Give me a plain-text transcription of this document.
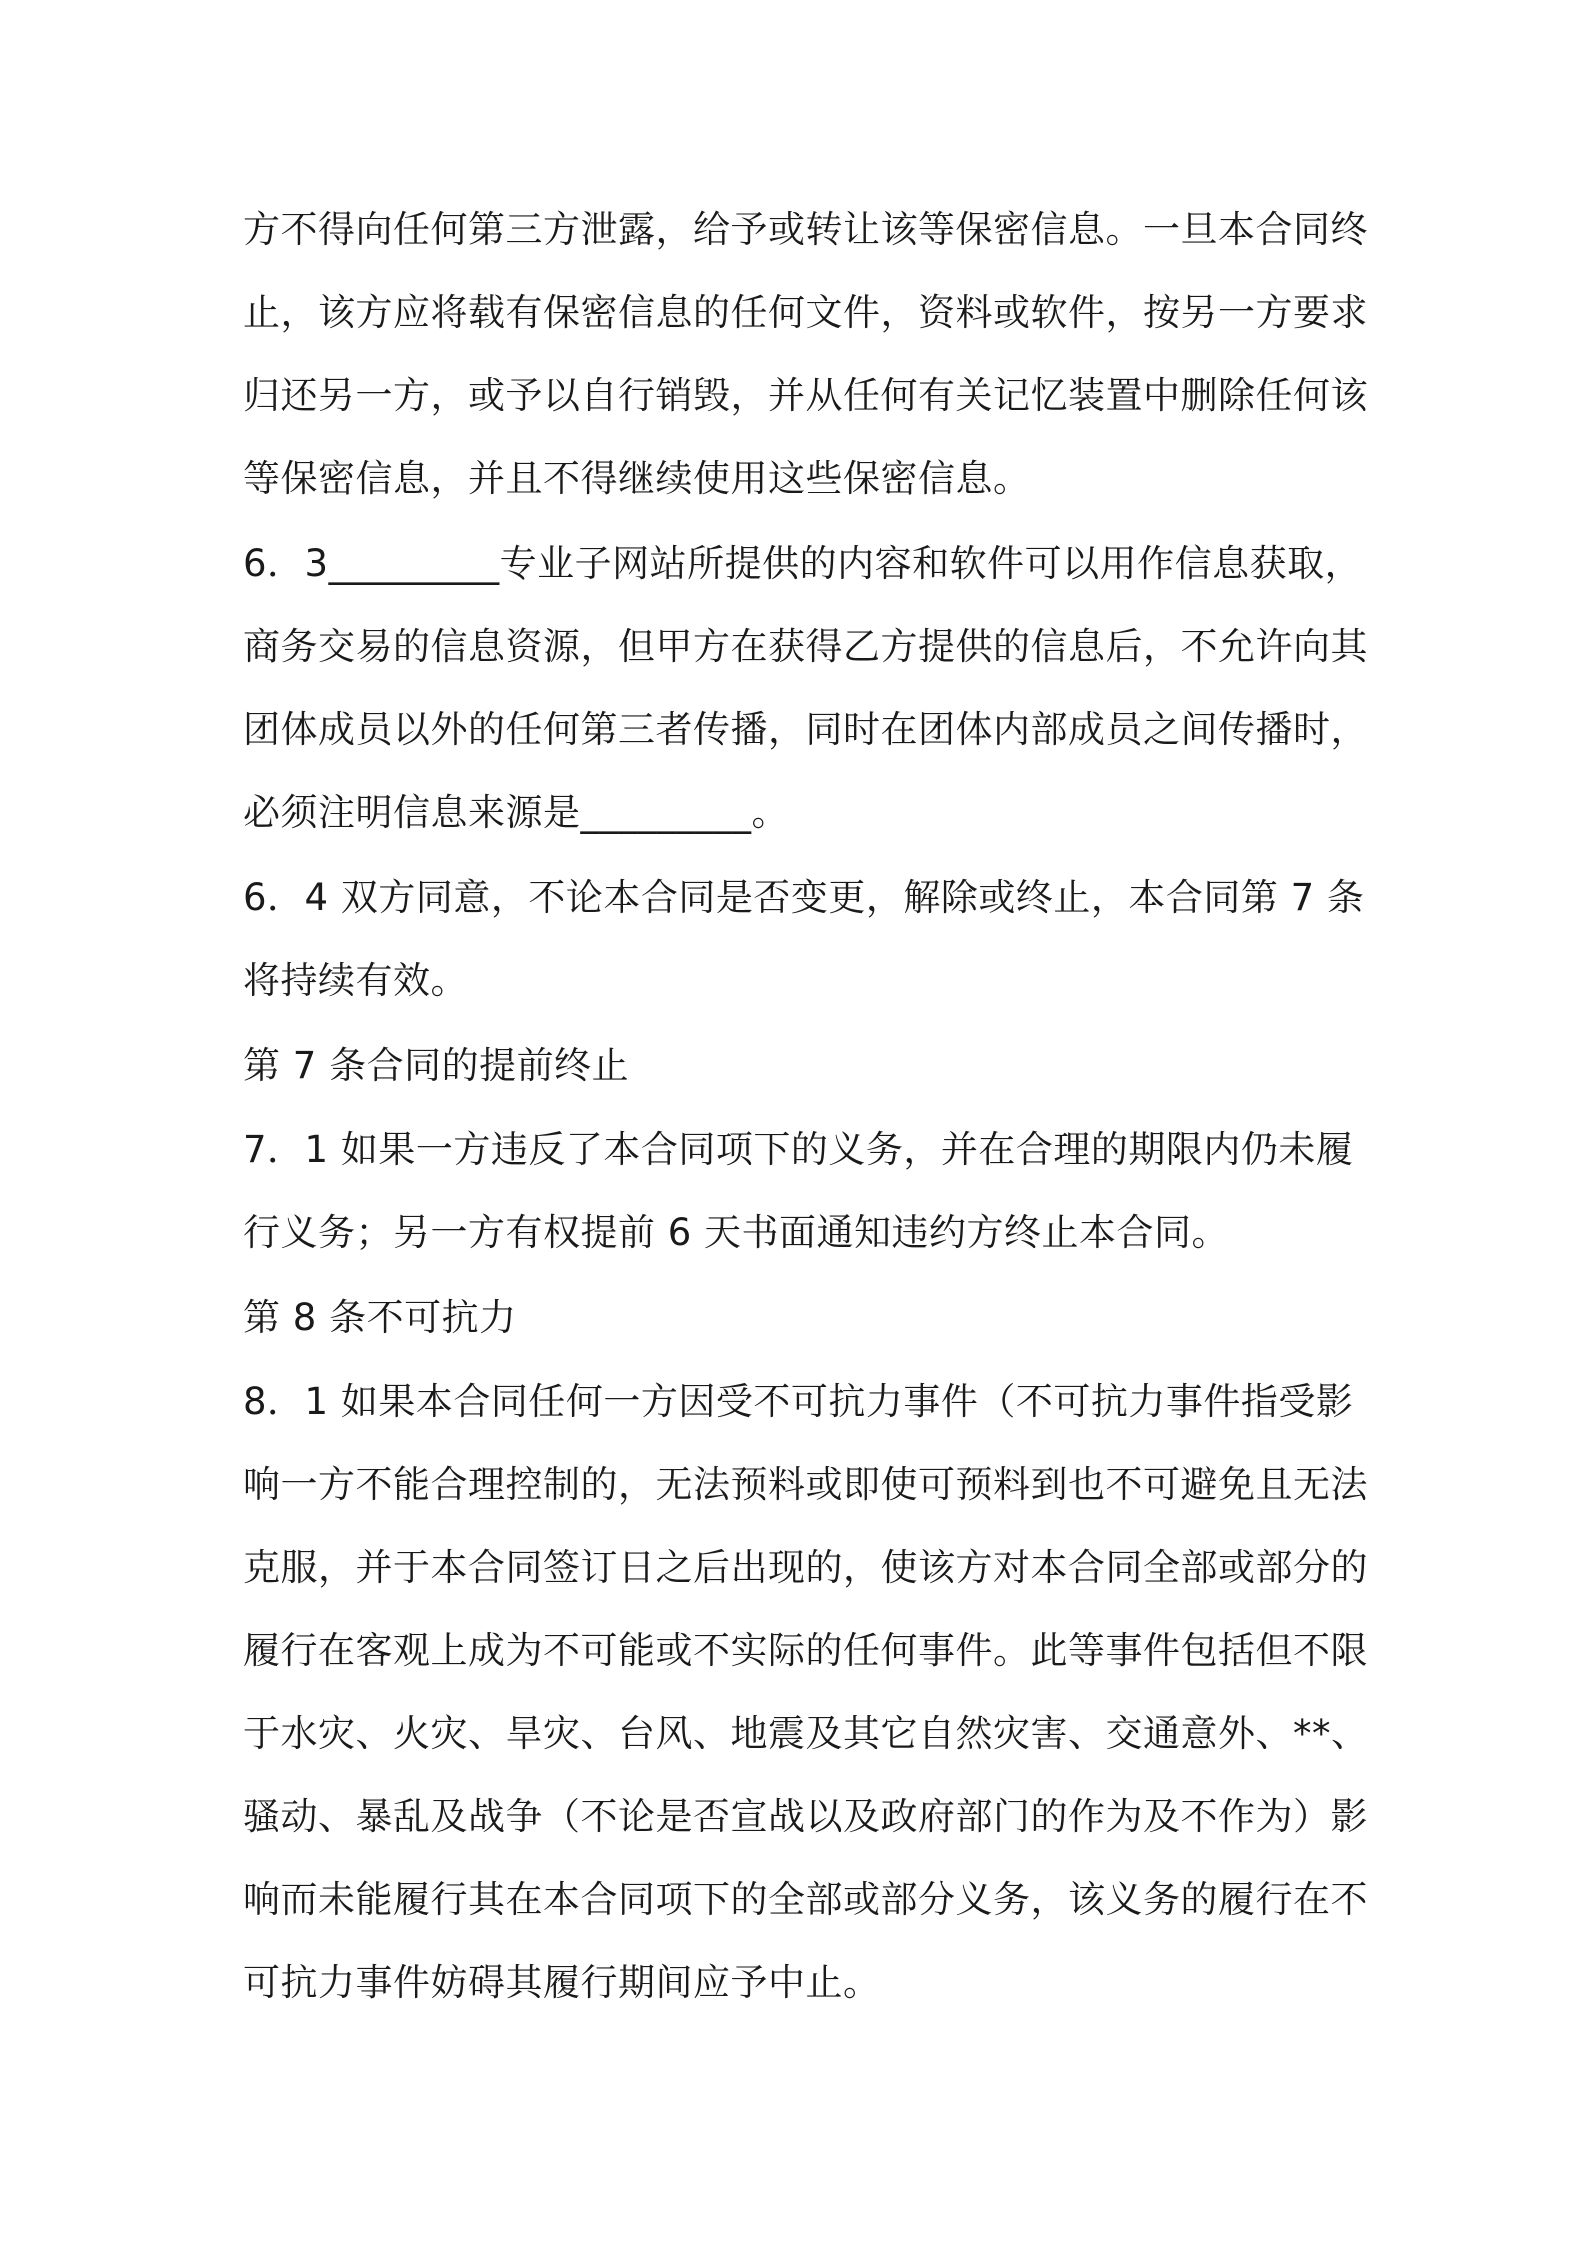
方不得向任何第三方泄露，给予或转让该等保密信息。一旦本合同终
止，该方应将载有保密信息的任何文件，资料或软件，按另一方要求
归还另一方，或予以自行销毁，并从任何有关记忆装置中删除任何该
等保密信息，并且不得继续使用这些保密信息。
6．3_________专业子网站所提供的内容和软件可以用作信息获取，
商务交易的信息资源，但甲方在获得乙方提供的信息后，不允许向其
团体成员以外的任何第三者传播，同时在团体内部成员之间传播时，
必须注明信息来源是_________。
6．4 双方同意，不论本合同是否变更，解除或终止，本合同第 7 条
将持续有效。
第 7 条合同的提前终止
7．1 如果一方违反了本合同项下的义务，并在合理的期限内仍未履
行义务；另一方有权提前 6 天书面通知违约方终止本合同。
第 8 条不可抗力
8．1 如果本合同任何一方因受不可抗力事件（不可抗力事件指受影
响一方不能合理控制的，无法预料或即使可预料到也不可避免且无法
克服，并于本合同签订日之后出现的，使该方对本合同全部或部分的
履行在客观上成为不可能或不实际的任何事件。此等事件包括但不限
于水灾、火灾、旱灾、台风、地震及其它自然灾害、交通意外、**、
骚动、暴乱及战争（不论是否宣战以及政府部门的作为及不作为）影
响而未能履行其在本合同项下的全部或部分义务，该义务的履行在不
可抗力事件妨碍其履行期间应予中止。
